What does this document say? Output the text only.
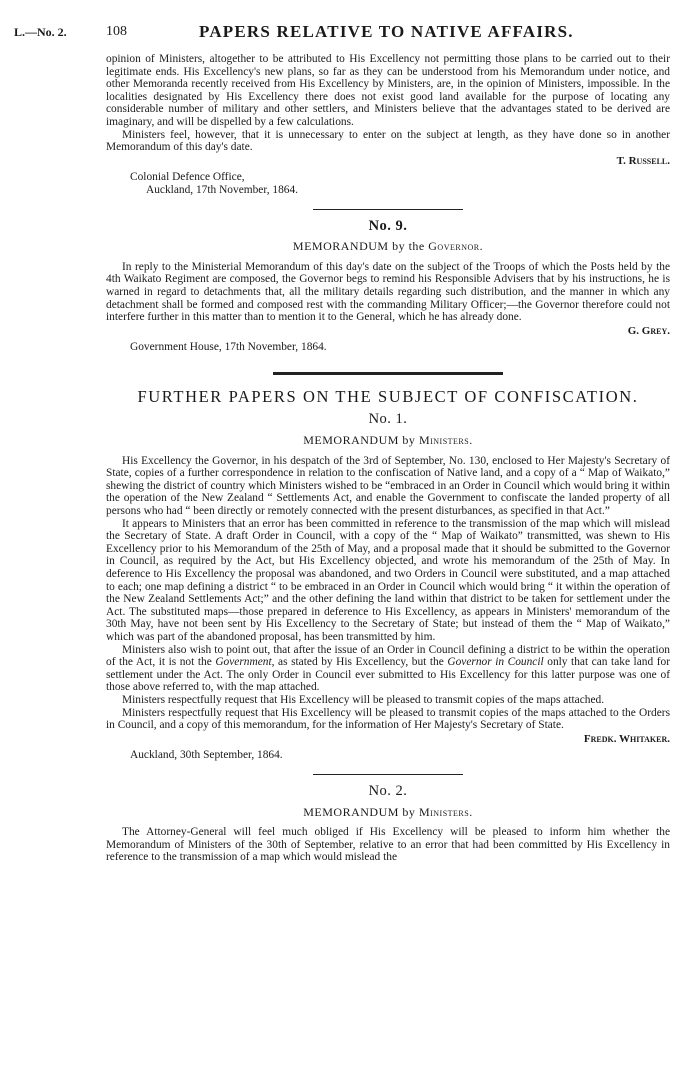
L.—No. 2.	108	PAPERS RELATIVE TO NATIVE AFFAIRS.

opinion of Ministers, altogether to be attributed to His Excellency not permitting those plans to be carried out to their legitimate ends. His Excellency's new plans, so far as they can be understood from his Memorandum under notice, and other Memoranda recently received from His Excellency by Ministers, are, in the opinion of Ministers, impossible. In the localities designated by His Excellency there does not exist good land available for the purpose of locating any considerable number of military and other settlers, and Ministers believe that the advantages stated to be derived are imaginary, and will be dispelled by a few calculations.

Ministers feel, however, that it is unnecessary to enter on the subject at length, as they have done so in another Memorandum of this day's date.

T. Russell.
Colonial Defence Office,
Auckland, 17th November, 1864.
No. 9.
MEMORANDUM by the Governor.

In reply to the Ministerial Memorandum of this day's date on the subject of the Troops of which the Posts held by the 4th Waikato Regiment are composed, the Governor begs to remind his Responsible Advisers that by his instructions, he is warned in regard to detachments that, all the military details regarding such distribution, and the manner in which any detachment shall be formed and composed rest with the commanding Military Officer;—the Governor therefore could not interfere further in this matter than to mention it to the General, which he has already done.

G. Grey.
Government House, 17th November, 1864.
FURTHER PAPERS ON THE SUBJECT OF CONFISCATION.
No. 1.
MEMORANDUM by Ministers.

His Excellency the Governor, in his despatch of the 3rd of September, No. 130, enclosed to Her Majesty's Secretary of State, copies of a further correspondence in relation to the confiscation of Native land, and a copy of a “ Map of Waikato,” shewing the district of country which Ministers wished to be “embraced in an Order in Council which would bring it within the operation of the New Zealand “ Settlements Act, and enable the Government to confiscate the landed property of all persons who had “ been directly or remotely connected with the present disturbances, as specified in that Act.”

It appears to Ministers that an error has been committed in reference to the transmission of the map which will mislead the Secretary of State. A draft Order in Council, with a copy of the “ Map of Waikato” transmitted, was shewn to His Excellency prior to his Memorandum of the 25th of May, and a proposal made that it should be submitted to the Governor in Council, as required by the Act, but His Excellency objected, and wrote his memorandum of the 25th of May. In deference to His Excellency the proposal was abandoned, and two Orders in Council were substituted, and a map attached to each; one map defining a district “ to be embraced in an Order in Council which would bring “ it within the operation of the New Zealand Settlements Act;” and the other defining the land within that district to be taken for settlement under the Act. The substituted maps—those prepared in deference to His Excellency, as appears in Ministers' memorandum of the 30th May, have not been sent by His Excellency to the Secretary of State; but instead of them the “ Map of Waikato,” which was part of the abandoned proposal, has been transmitted by him.

Ministers also wish to point out, that after the issue of an Order in Council defining a district to be within the operation of the Act, it is not the Government, as stated by His Excellency, but the Governor in Council only that can take land for settlement under the Act. The only Order in Council ever submitted to His Excellency for this latter purpose was one of those above referred to, with the map attached.

Ministers respectfully request that His Excellency will be pleased to transmit copies of the maps attached.

Ministers respectfully request that His Excellency will be pleased to transmit copies of the maps attached to the Orders in Council, and a copy of this memorandum, for the information of Her Majesty's Secretary of State.

Fredk. Whitaker.
Auckland, 30th September, 1864.
No. 2.
MEMORANDUM by Ministers.

The Attorney-General will feel much obliged if His Excellency will be pleased to inform him whether the Memorandum of Ministers of the 30th of September, relative to an error that had been committed by His Excellency in reference to the transmission of a map which would mislead the
